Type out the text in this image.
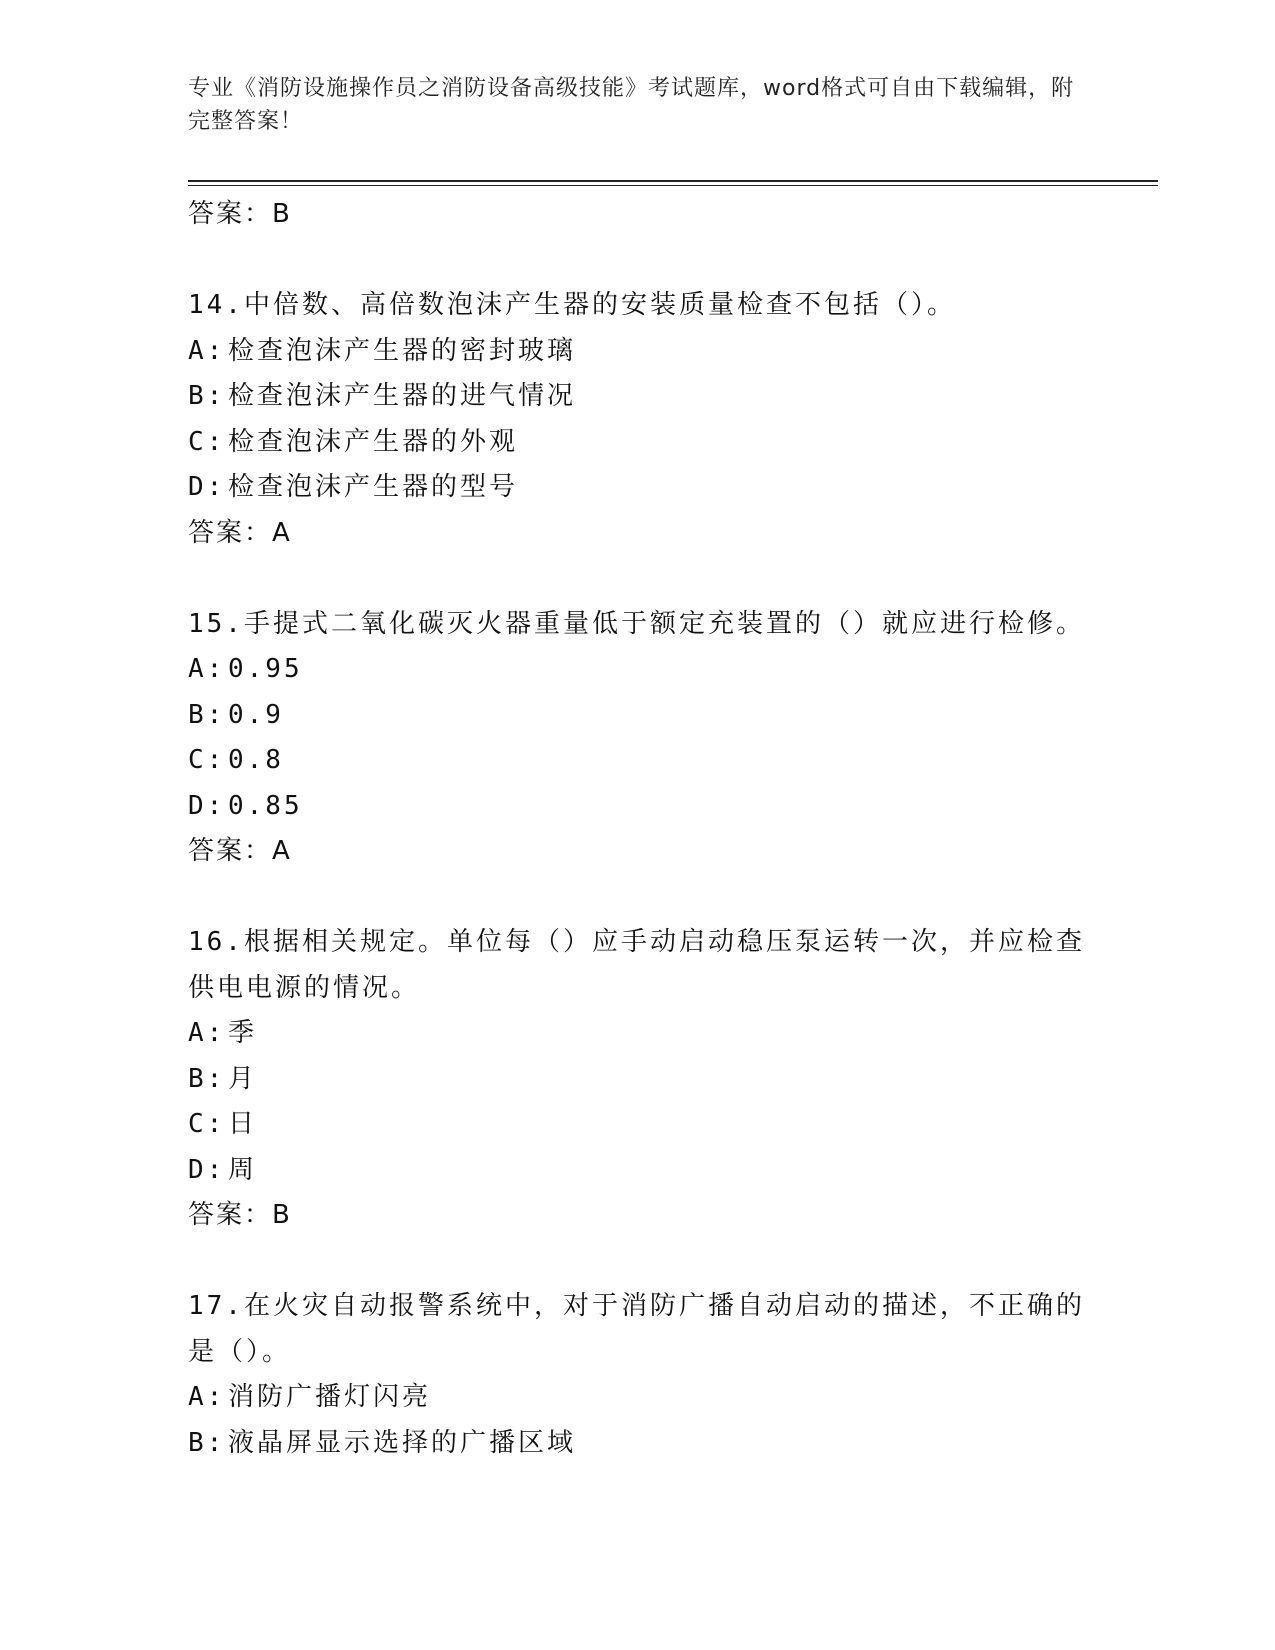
专业《消防设施操作员之消防设备高级技能》考试题库，word格式可自由下载编辑，附完整答案！
答案：B
14.中倍数、高倍数泡沫产生器的安装质量检查不包括（）。
A: 检查泡沫产生器的密封玻璃
B: 检查泡沫产生器的进气情况
C: 检查泡沫产生器的外观
D: 检查泡沫产生器的型号
答案：A
15.手提式二氧化碳灭火器重量低于额定充装置的（）就应进行检修。
A: 0.95
B: 0.9
C: 0.8
D: 0.85
答案：A
16.根据相关规定。单位每（）应手动启动稳压泵运转一次，并应检查供电电源的情况。
A: 季
B: 月
C: 日
D: 周
答案：B
17.在火灾自动报警系统中，对于消防广播自动启动的描述，不正确的是（）。
A: 消防广播灯闪亮
B: 液晶屏显示选择的广播区域
